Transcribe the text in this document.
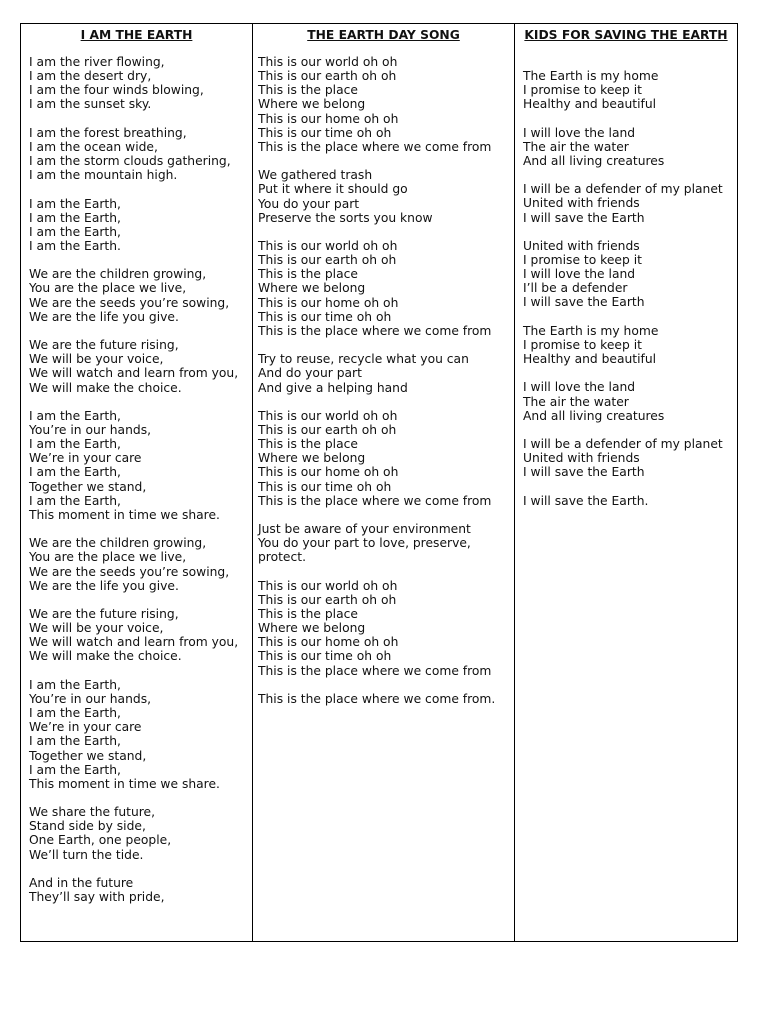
I AM THE EARTH
I am the river flowing,
I am the desert dry,
I am the four winds blowing,
I am the sunset sky.
I am the forest breathing,
I am the ocean wide,
I am the storm clouds gathering,
I am the mountain high.
I am the Earth,
I am the Earth,
I am the Earth,
I am the Earth.
We are the children growing,
You are the place we live,
We are the seeds you’re sowing,
We are the life you give.
We are the future rising,
We will be your voice,
We will watch and learn from you,
We will make the choice.
I am the Earth,
You’re in our hands,
I am the Earth,
We’re in your care
I am the Earth,
Together we stand,
I am the Earth,
This moment in time we share.
We are the children growing,
You are the place we live,
We are the seeds you’re sowing,
We are the life you give.
We are the future rising,
We will be your voice,
We will watch and learn from you,
We will make the choice.
I am the Earth,
You’re in our hands,
I am the Earth,
We’re in your care
I am the Earth,
Together we stand,
I am the Earth,
This moment in time we share.
We share the future,
Stand side by side,
One Earth, one people,
We’ll turn the tide.
And in the future
They’ll say with pride,
THE EARTH DAY SONG
This is our world oh oh
This is our earth oh oh
This is the place
Where we belong
This is our home oh oh
This is our time oh oh
This is the place where we come from
We gathered trash
Put it where it should go
You do your part
Preserve the sorts you know
This is our world oh oh
This is our earth oh oh
This is the place
Where we belong
This is our home oh oh
This is our time oh oh
This is the place where we come from
Try to reuse, recycle what you can
And do your part
And give a helping hand
This is our world oh oh
This is our earth oh oh
This is the place
Where we belong
This is our home oh oh
This is our time oh oh
This is the place where we come from
Just be aware of your environment
You do your part to love, preserve, protect.
This is our world oh oh
This is our earth oh oh
This is the place
Where we belong
This is our home oh oh
This is our time oh oh
This is the place where we come from
This is the place where we come from.
KIDS FOR SAVING THE EARTH
The Earth is my home
I promise to keep it
Healthy and beautiful
I will love the land
The air the water
And all living creatures
I will be a defender of my planet
United with friends
I will save the Earth
United with friends
I promise to keep it
I will love the land
I’ll be a defender
I will save the Earth
The Earth is my home
I promise to keep it
Healthy and beautiful
I will love the land
The air the water
And all living creatures
I will be a defender of my planet
United with friends
I will save the Earth
I will save the Earth.
